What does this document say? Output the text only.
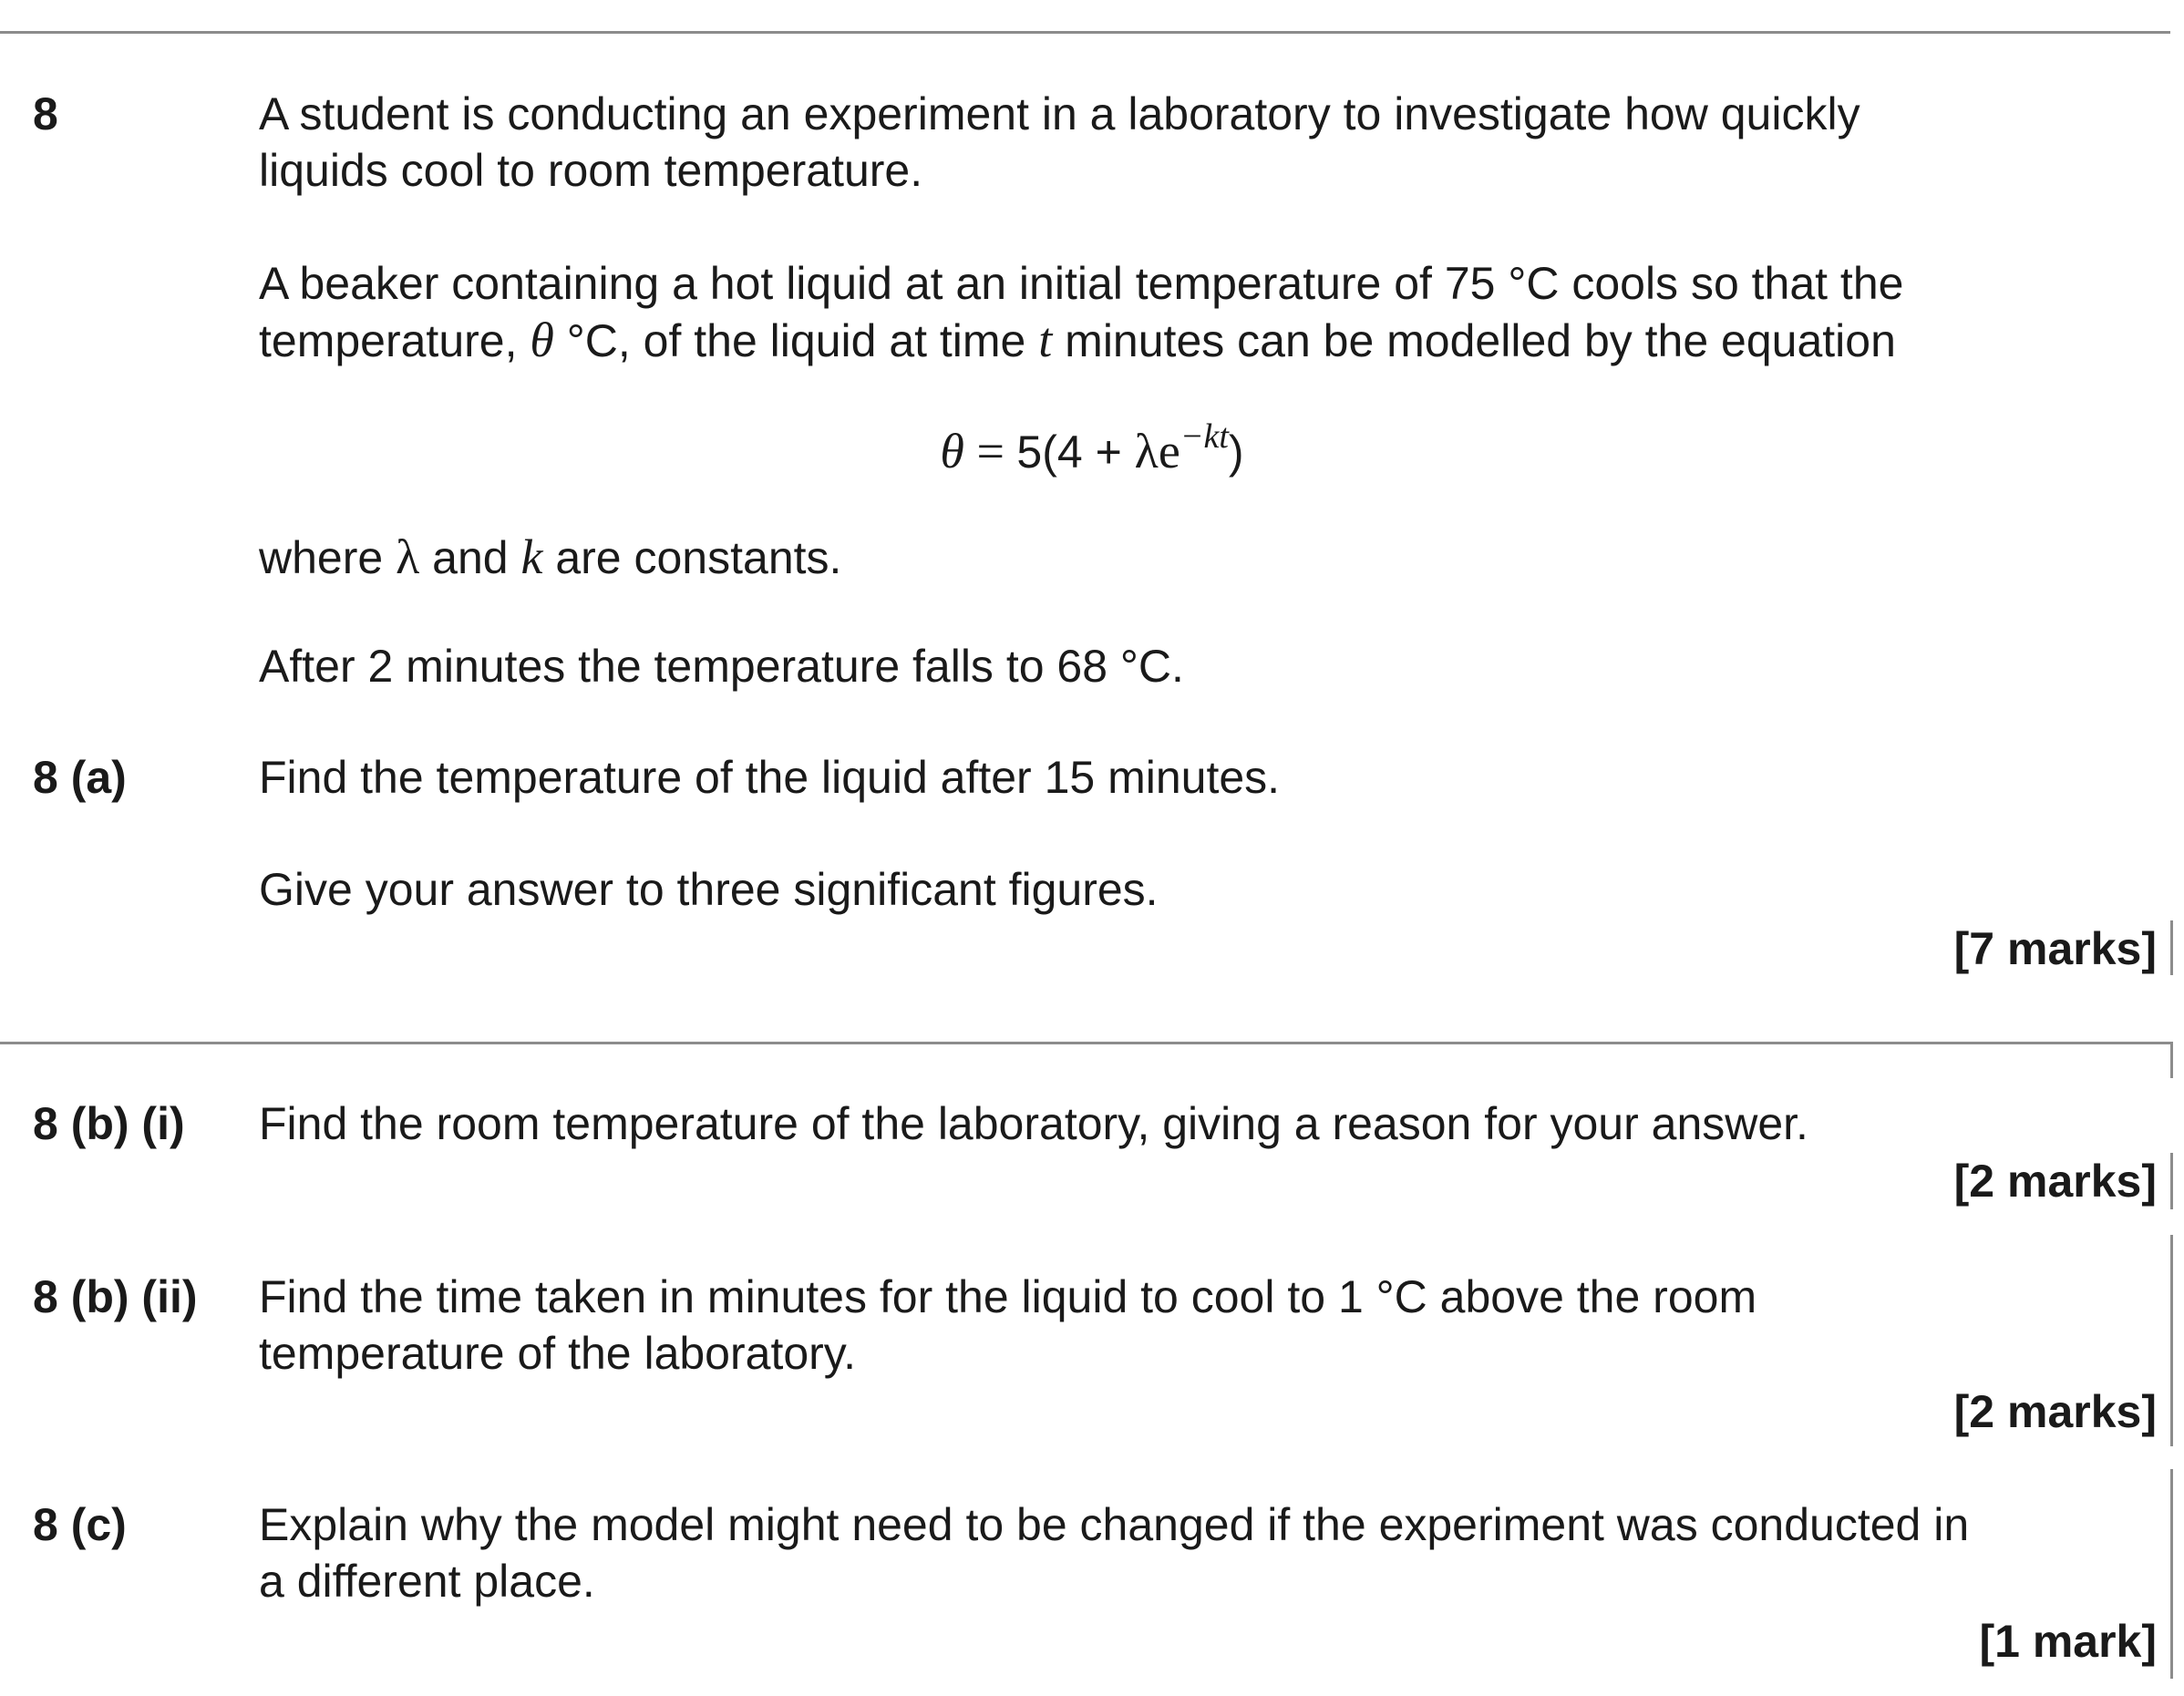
8	A student is conducting an experiment in a laboratory to investigate how quickly

liquids cool to room temperature.

A beaker containing a hot liquid at an initial temperature of 75 °C cools so that the

temperature, θ °C, of the liquid at time t minutes can be modelled by the equation

$\theta = 5(4 + \lambda e^{-kt})$

where λ and k are constants.

After 2 minutes the temperature falls to 68 °C.
8 (a)	Find the temperature of the liquid after 15 minutes.
Give your answer to three significant figures.
[7 marks]
8 (b) (i) Find the room temperature of the laboratory, giving a reason for your answer.
[2 marks]
8 (b) (ii) Find the time taken in minutes for the liquid to cool to 1 °C above the room

temperature of the laboratory.

[2 marks]
8 (c)	Explain why the model might need to be changed if the experiment was conducted in

a different place.

[1 mark]
